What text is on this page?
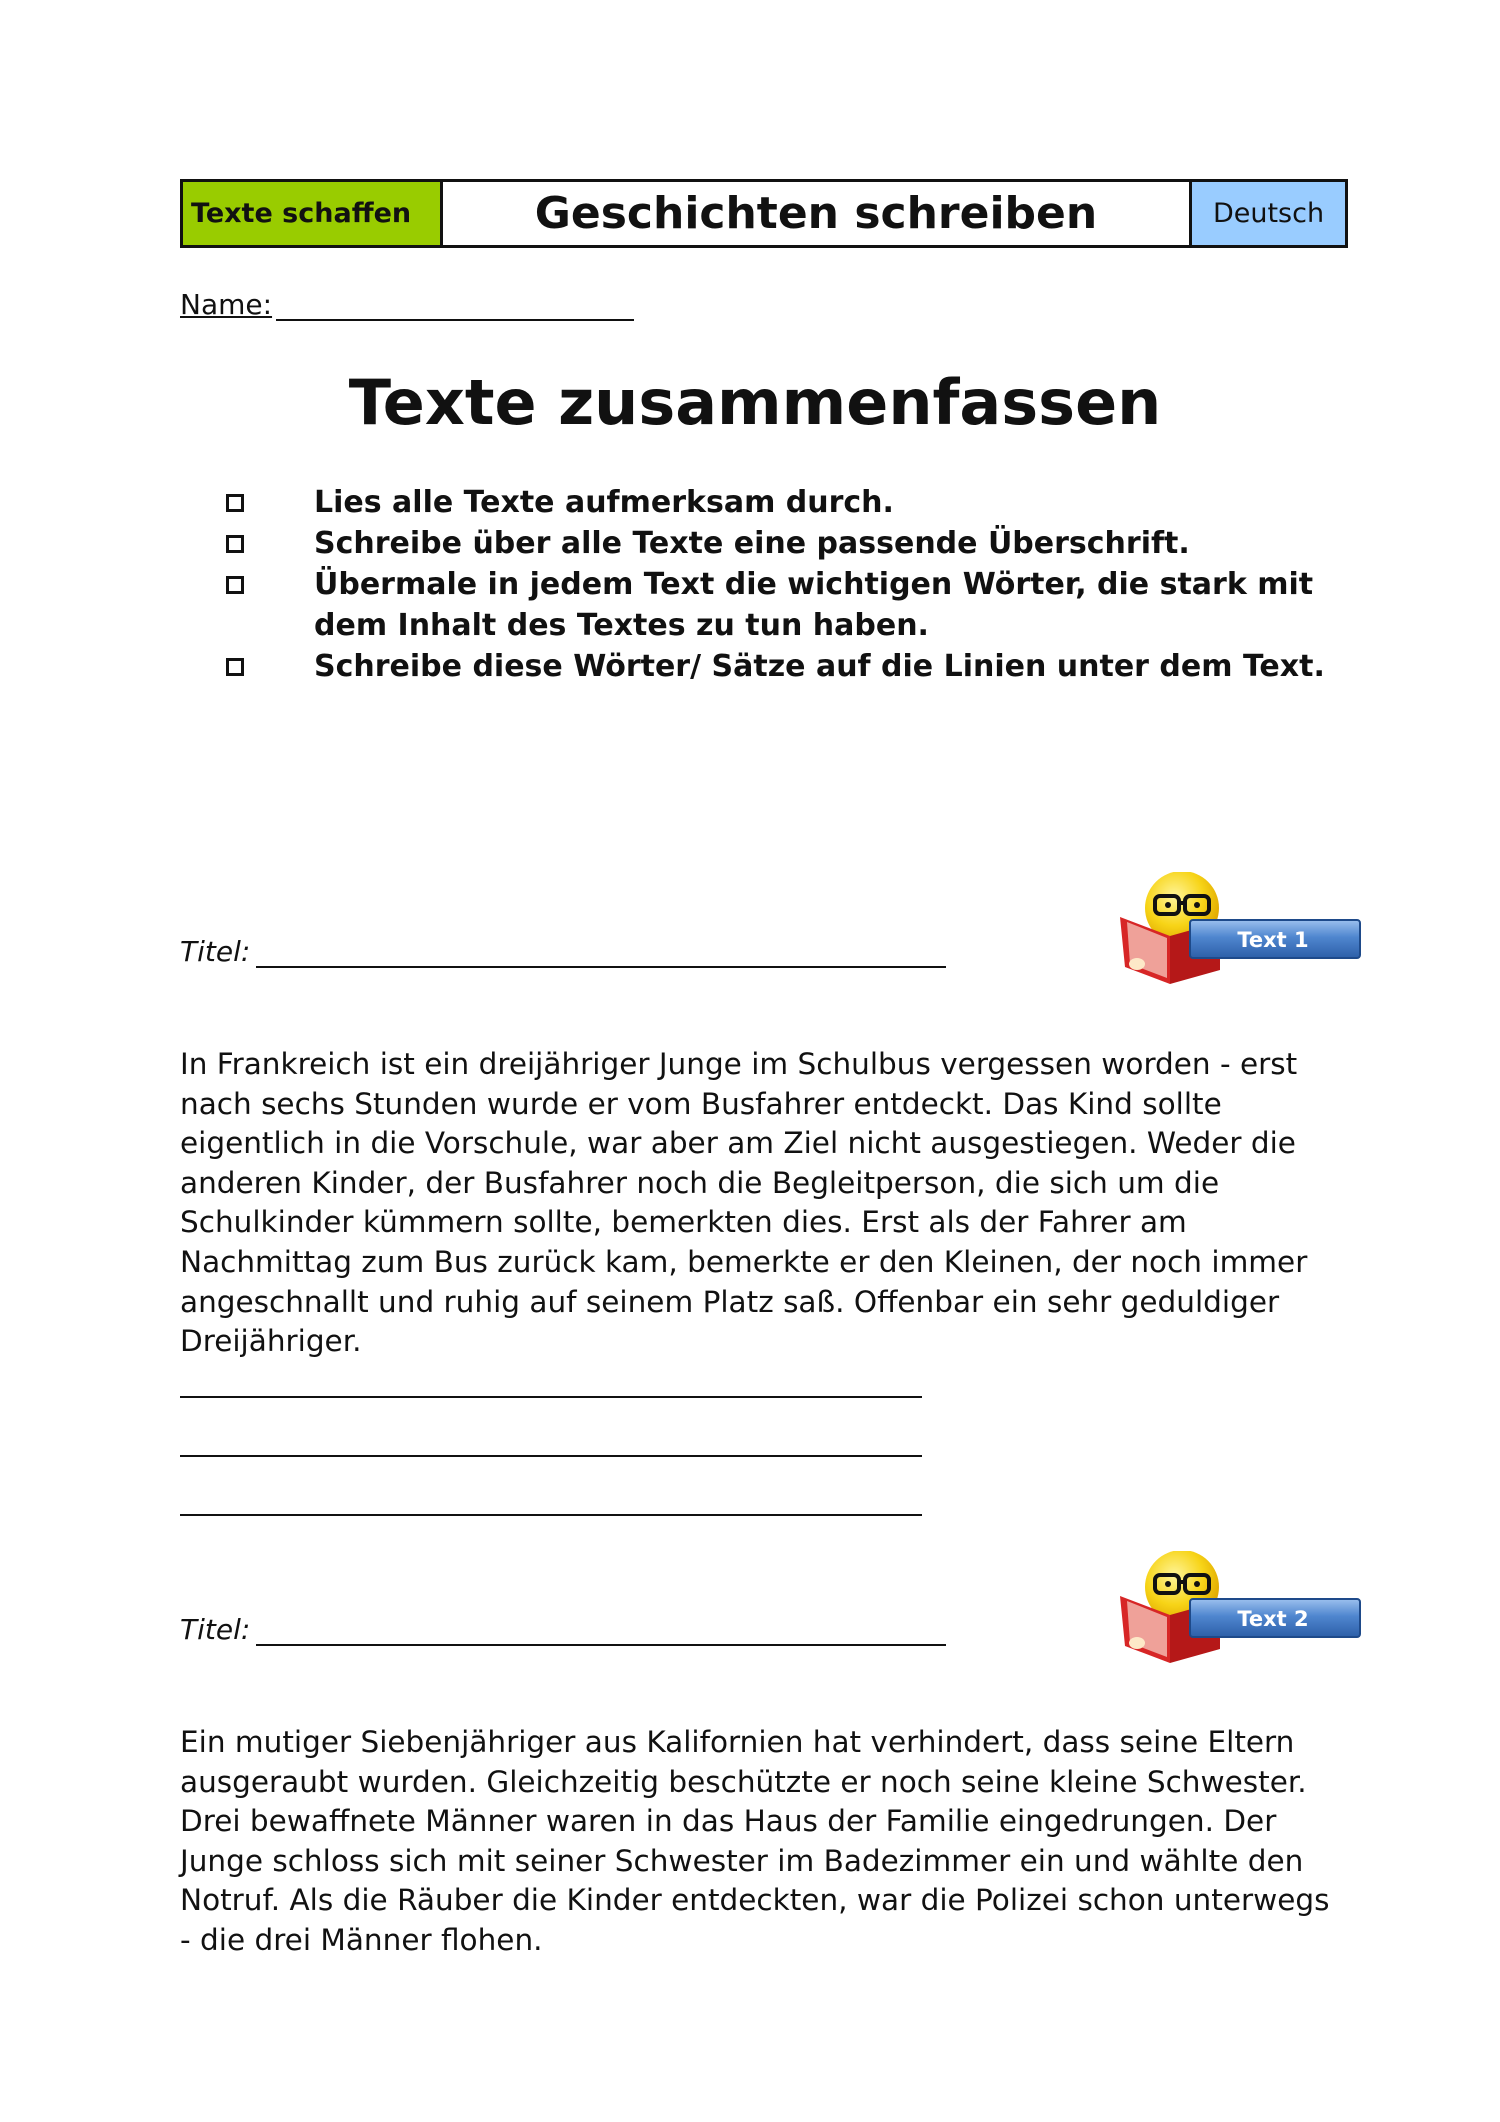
Texte schaffen	Geschichten schreiben	Deutsch
Name:
Texte zusammenfassen
Lies alle Texte aufmerksam durch.
Schreibe über alle Texte eine passende Überschrift.
Übermale in jedem Text die wichtigen Wörter, die stark mit dem Inhalt des Textes zu tun haben.
Schreibe diese Wörter/ Sätze auf die Linien unter dem Text.
Titel:	Text 1

In Frankreich ist ein dreijähriger Junge im Schulbus vergessen worden - erst nach sechs Stunden wurde er vom Busfahrer entdeckt. Das Kind sollte eigentlich in die Vorschule, war aber am Ziel nicht ausgestiegen. Weder die anderen Kinder, der Busfahrer noch die Begleitperson, die sich um die Schulkinder kümmern sollte, bemerkten dies. Erst als der Fahrer am Nachmittag zum Bus zurück kam, bemerkte er den Kleinen, der noch immer angeschnallt und ruhig auf seinem Platz saß. Offenbar ein sehr geduldiger Dreijähriger.

Titel:	Text 2

Ein mutiger Siebenjähriger aus Kalifornien hat verhindert, dass seine Eltern ausgeraubt wurden. Gleichzeitig beschützte er noch seine kleine Schwester. Drei bewaffnete Männer waren in das Haus der Familie eingedrungen. Der Junge schloss sich mit seiner Schwester im Badezimmer ein und wählte den Notruf. Als die Räuber die Kinder entdeckten, war die Polizei schon unterwegs - die drei Männer flohen.
